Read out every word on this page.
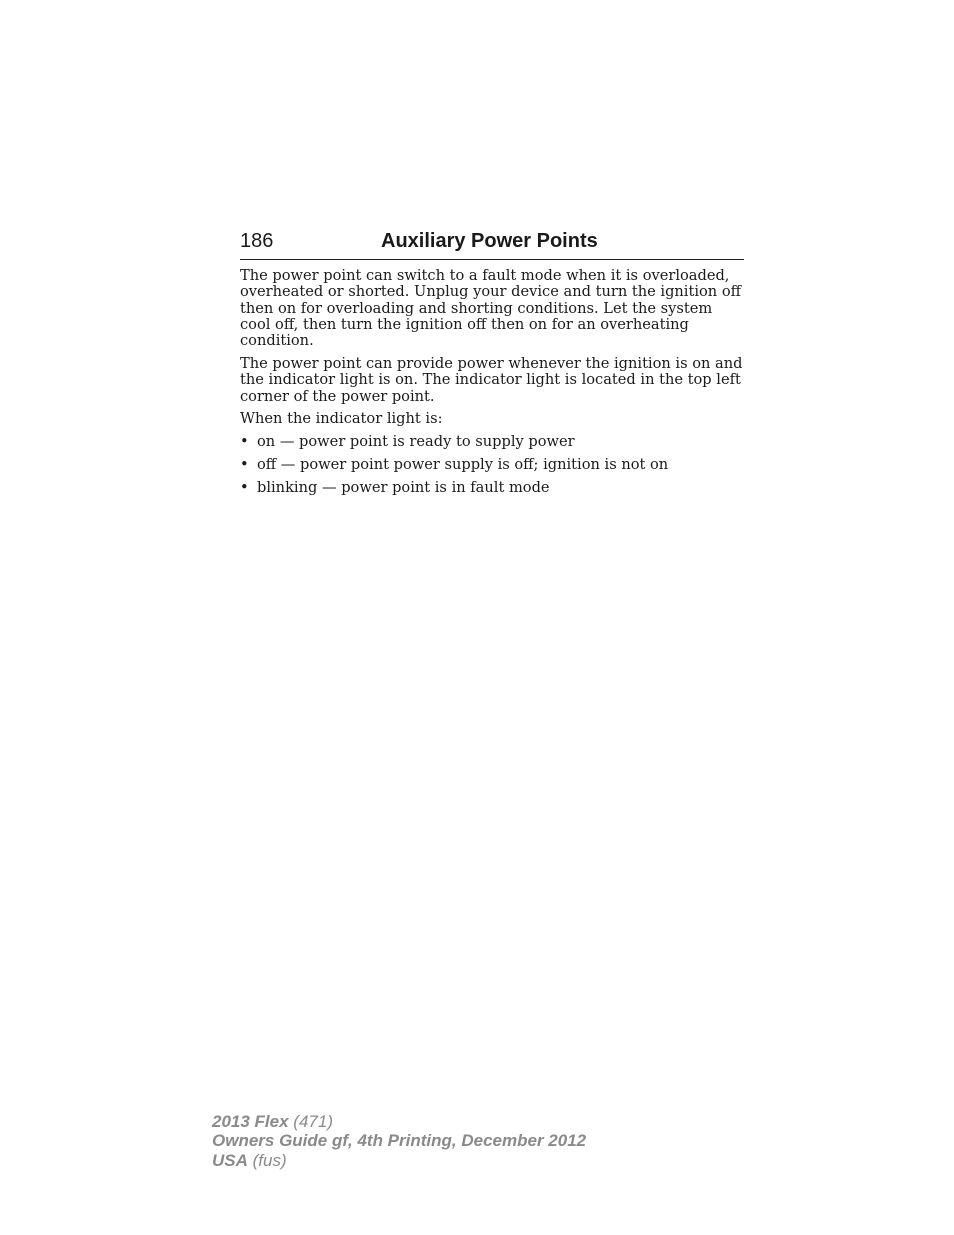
186	Auxiliary Power Points

The power point can switch to a fault mode when it is overloaded, overheated or shorted. Unplug your device and turn the ignition off then on for overloading and shorting conditions. Let the system cool off, then turn the ignition off then on for an overheating condition.

The power point can provide power whenever the ignition is on and the indicator light is on. The indicator light is located in the top left corner of the power point.

When the indicator light is:

• on — power point is ready to supply power
• off — power point power supply is off; ignition is not on
• blinking — power point is in fault mode
2013 Flex (471)
Owners Guide gf, 4th Printing, December 2012
USA (fus)
